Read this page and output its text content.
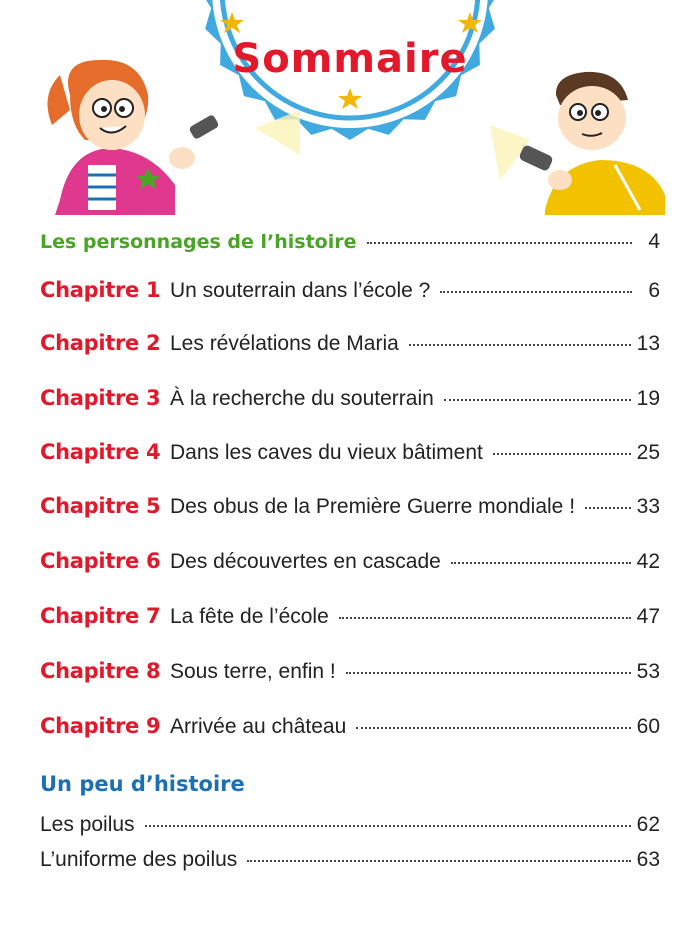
Sommaire
Les personnages de l’histoire	4
Chapitre 1 Un souterrain dans l’école ?	6
Chapitre 2 Les révélations de Maria	13
Chapitre 3 À la recherche du souterrain	19
Chapitre 4 Dans les caves du vieux bâtiment	25
Chapitre 5 Des obus de la Première Guerre mondiale !	33
Chapitre 6 Des découvertes en cascade	42
Chapitre 7 La fête de l’école	47
Chapitre 8 Sous terre, enfin !	53
Chapitre 9 Arrivée au château	60
Un peu d’histoire
Les poilus	62
L’uniforme des poilus	63
